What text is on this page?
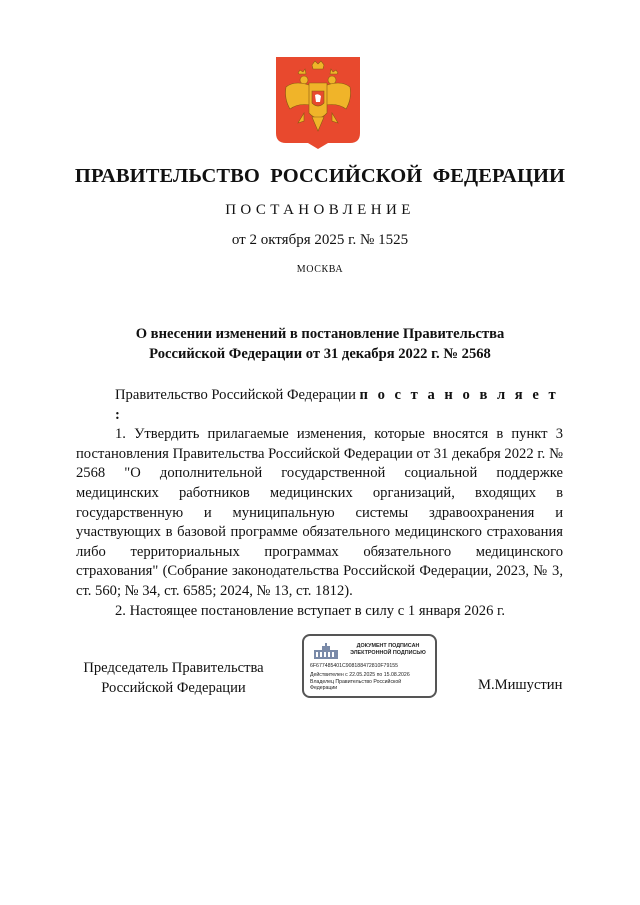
ПРАВИТЕЛЬСТВО РОССИЙСКОЙ ФЕДЕРАЦИИ
ПОСТАНОВЛЕНИЕ
от 2 октября 2025 г. № 1525
МОСКВА
О внесении изменений в постановление Правительства
Российской Федерации от 31 декабря 2022 г. № 2568

Правительство Российской Федерации п о с т а н о в л я е т :

1. Утвердить прилагаемые изменения, которые вносятся в пункт 3 постановления Правительства Российской Федерации от 31 декабря 2022 г. № 2568 "О дополнительной государственной социальной поддержке медицинских работников медицинских организаций, входящих в государственную и муниципальную системы здравоохранения и участвующих в базовой программе обязательного медицинского страхования либо территориальных программах обязательного медицинского страхования" (Собрание законодательства Российской Федерации, 2023, № 3, ст. 560; № 34, ст. 6585; 2024, № 13, ст. 1812).

2. Настоящее постановление вступает в силу с 1 января 2026 г.

Председатель Правительства
Российской Федерации
ДОКУМЕНТ ПОДПИСАН
ЭЛЕКТРОННОЙ ПОДПИСЬЮ
6F677485401C908188472810F79155
Действителен с 22.05.2025 по 15.08.2026
Владелец Правительство Российской
Федерации	М.Мишустин
